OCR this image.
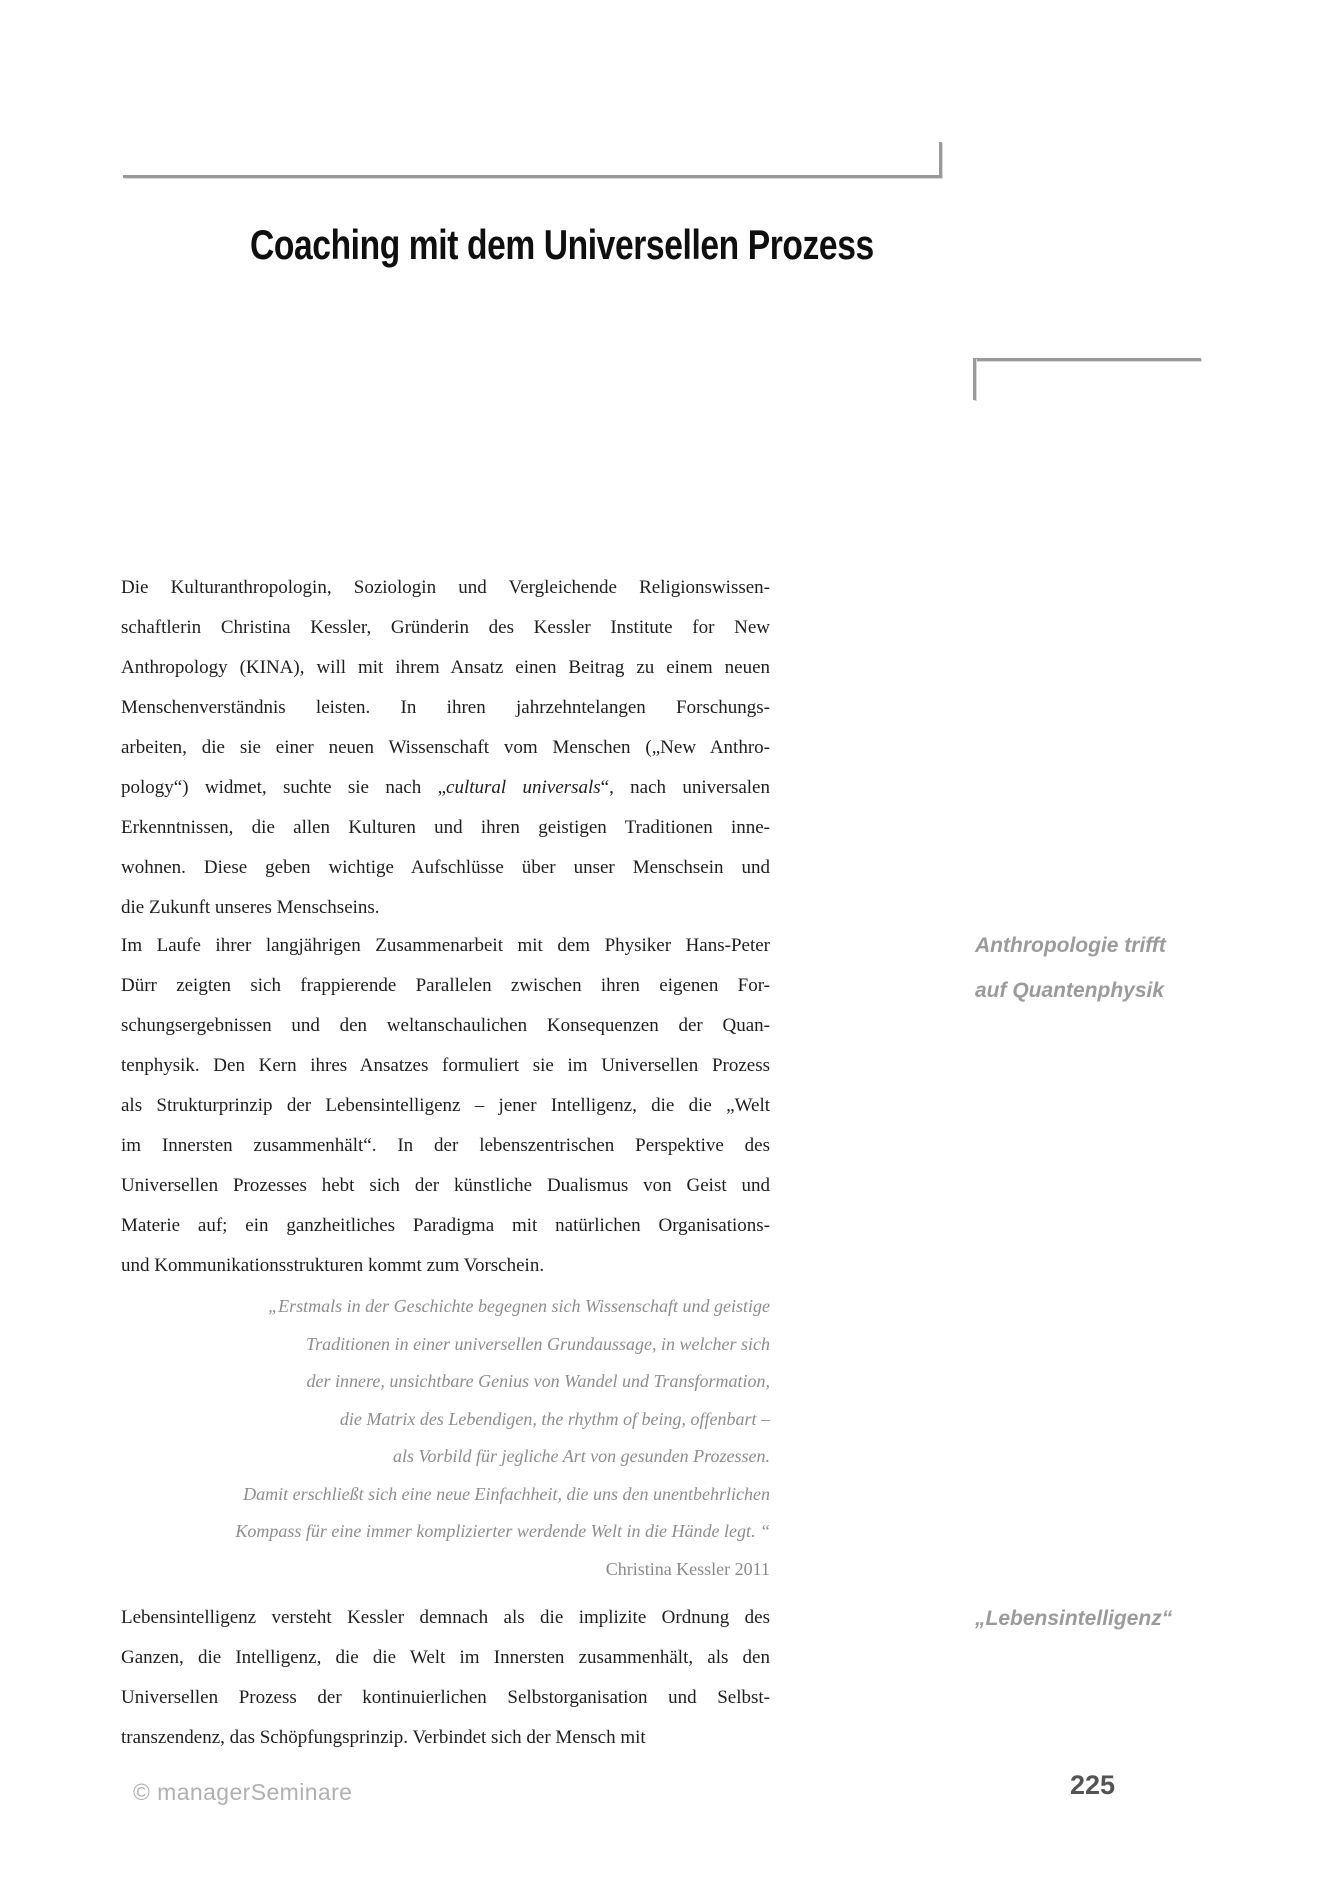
Coaching mit dem Universellen Prozess
Die Kulturanthropologin, Soziologin und Vergleichende Religionswissen-
schaftlerin Christina Kessler, Gründerin des Kessler Institute for New
Anthropology (KINA), will mit ihrem Ansatz einen Beitrag zu einem neuen
Menschenverständnis leisten. In ihren jahrzehntelangen Forschungs-
arbeiten, die sie einer neuen Wissenschaft vom Menschen („New Anthro-
pology“) widmet, suchte sie nach „cultural universals“, nach universalen
Erkenntnissen, die allen Kulturen und ihren geistigen Traditionen inne-
wohnen. Diese geben wichtige Aufschlüsse über unser Menschsein und
die Zukunft unseres Menschseins.
Anthropologie trifft
auf Quantenphysik
Im Laufe ihrer langjährigen Zusammenarbeit mit dem Physiker Hans-Peter
Dürr zeigten sich frappierende Parallelen zwischen ihren eigenen For-
schungsergebnissen und den weltanschaulichen Konsequenzen der Quan-
tenphysik. Den Kern ihres Ansatzes formuliert sie im Universellen Prozess
als Strukturprinzip der Lebensintelligenz – jener Intelligenz, die die „Welt
im Innersten zusammenhält“. In der lebenszentrischen Perspektive des
Universellen Prozesses hebt sich der künstliche Dualismus von Geist und
Materie auf; ein ganzheitliches Paradigma mit natürlichen Organisations-
und Kommunikationsstrukturen kommt zum Vorschein.
„Erstmals in der Geschichte begegnen sich Wissenschaft und geistige
Traditionen in einer universellen Grundaussage, in welcher sich
der innere, unsichtbare Genius von Wandel und Transformation,
die Matrix des Lebendigen, the rhythm of being, offenbart –
als Vorbild für jegliche Art von gesunden Prozessen.
Damit erschließt sich eine neue Einfachheit, die uns den unentbehrlichen
Kompass für eine immer komplizierter werdende Welt in die Hände legt. “
Christina Kessler 2011
„Lebensintelligenz“
Lebensintelligenz versteht Kessler demnach als die implizite Ordnung des
Ganzen, die Intelligenz, die die Welt im Innersten zusammenhält, als den
Universellen Prozess der kontinuierlichen Selbstorganisation und Selbst-
transzendenz, das Schöpfungsprinzip. Verbindet sich der Mensch mit
© managerSeminare	225
